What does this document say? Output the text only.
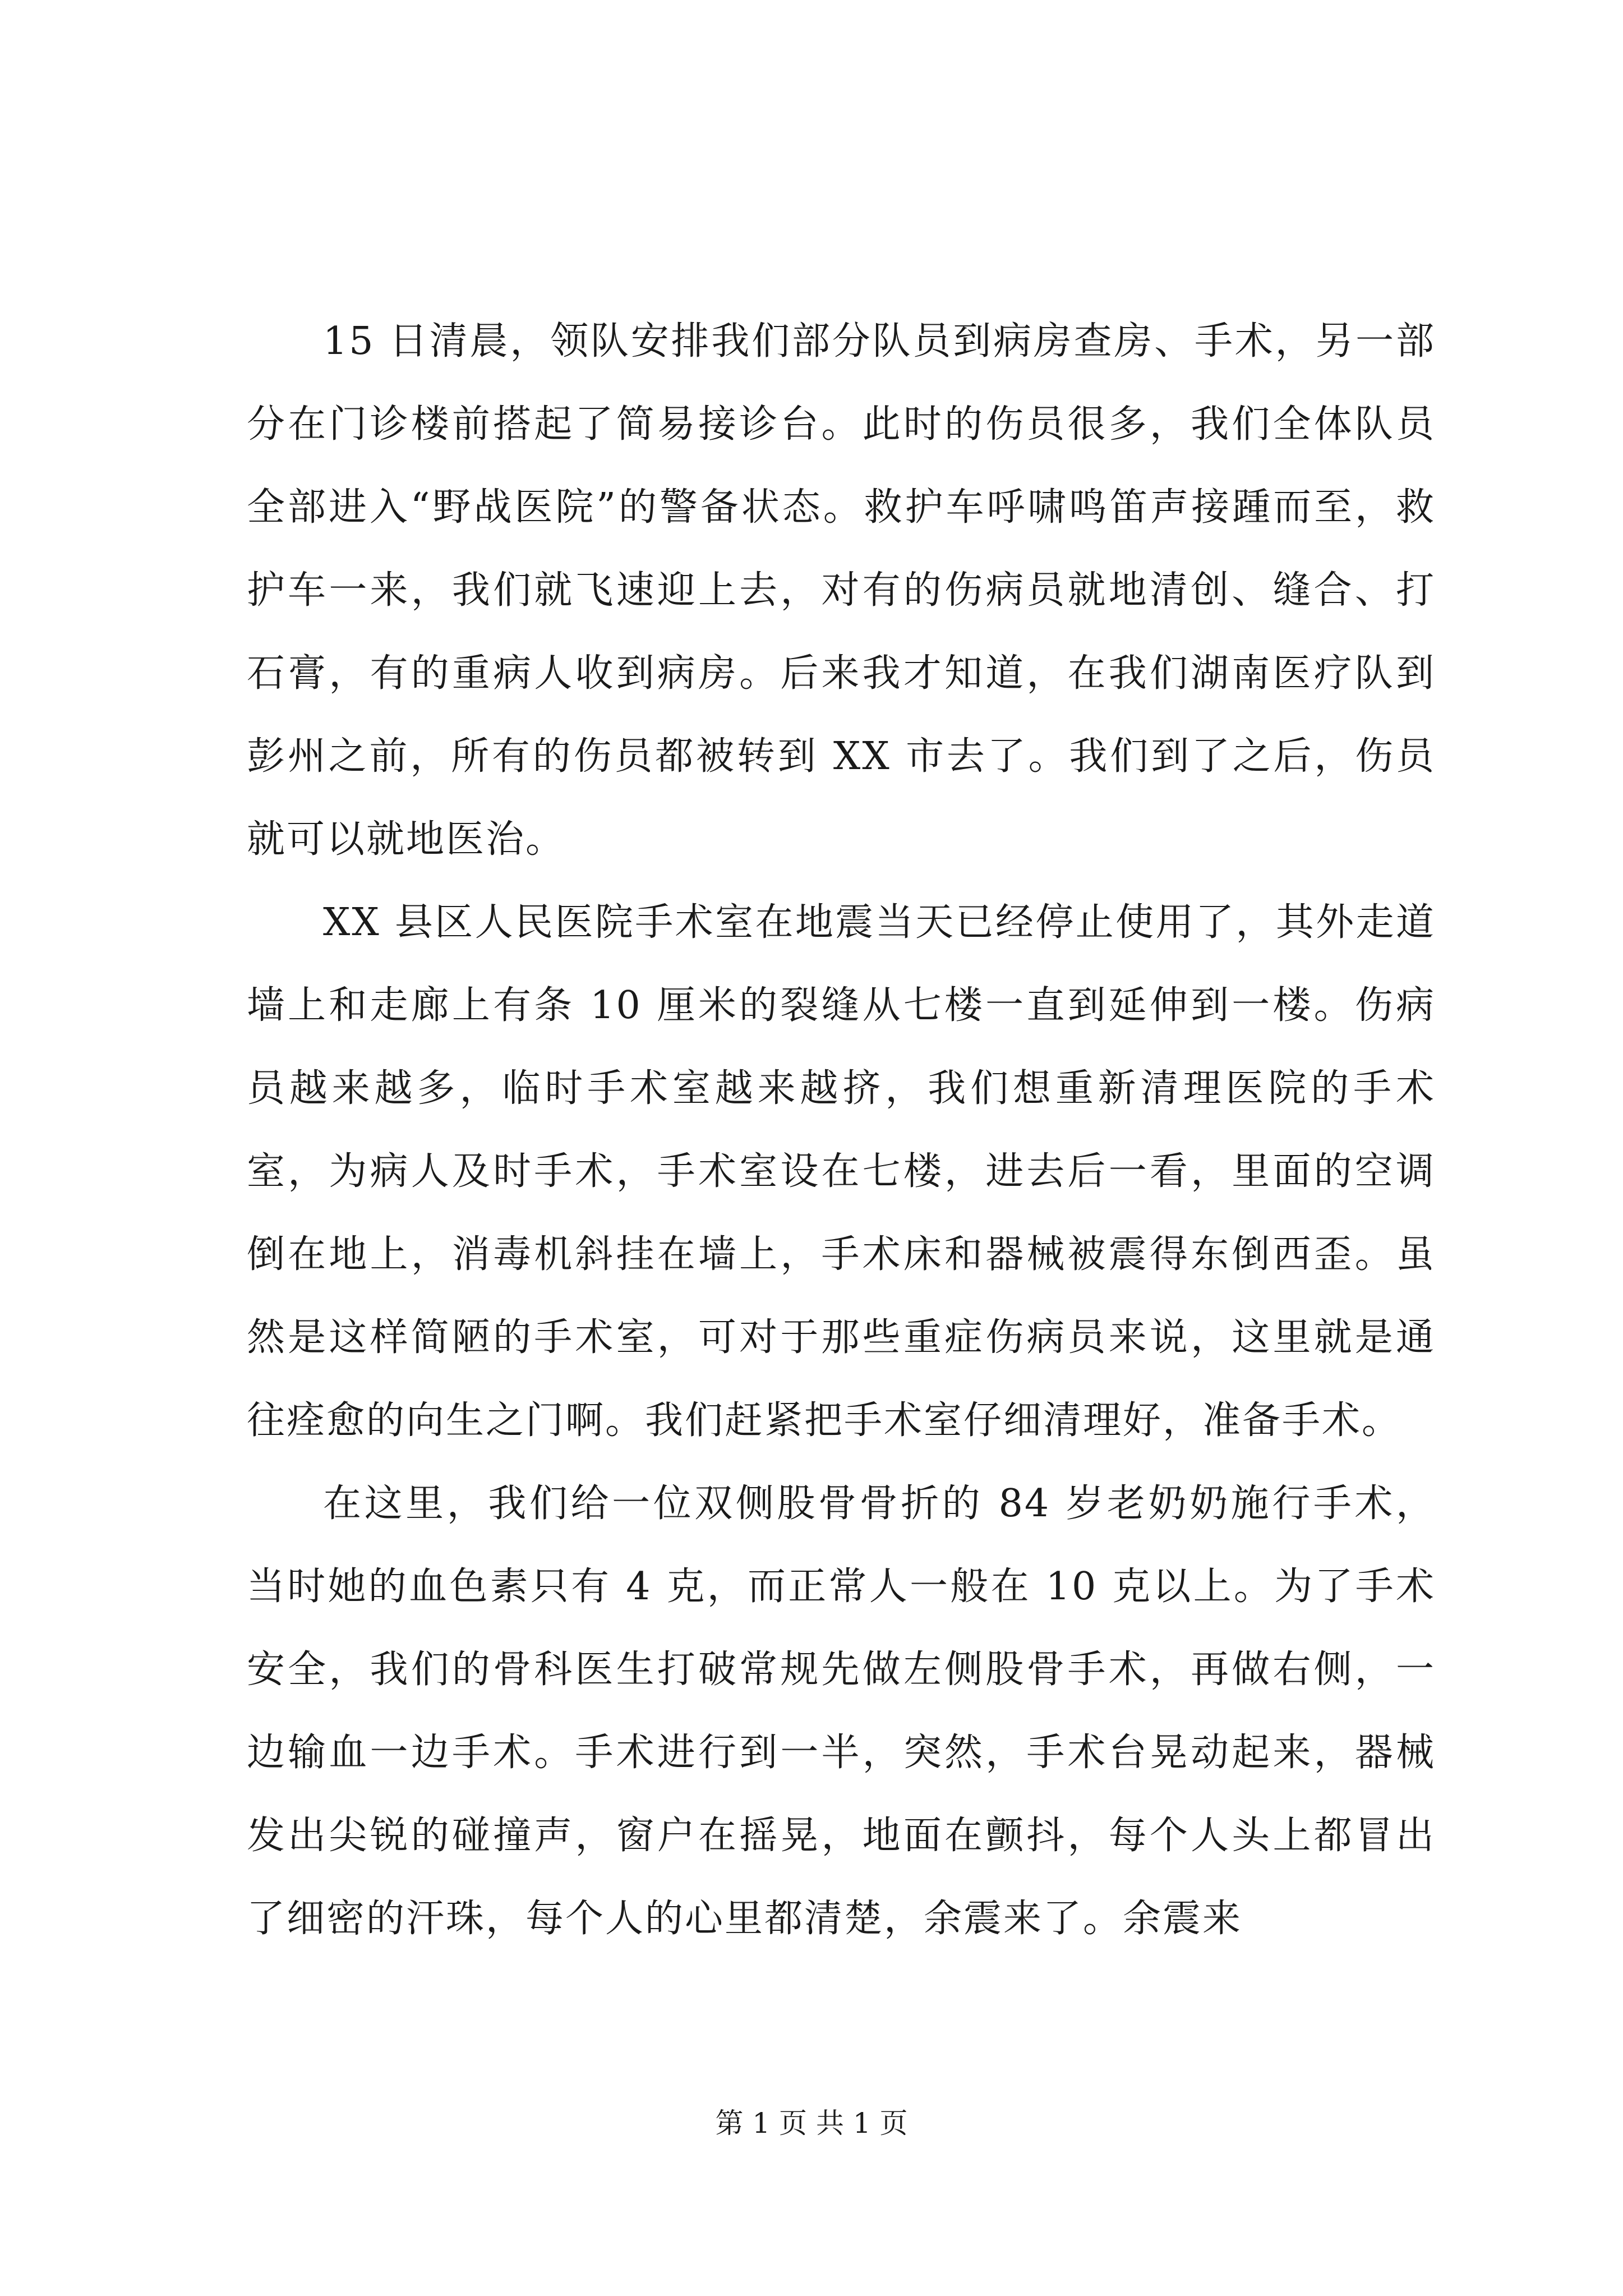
15 日清晨，领队安排我们部分队员到病房查房、手术，另一部分在门诊楼前搭起了简易接诊台。此时的伤员很多，我们全体队员全部进入“野战医院”的警备状态。救护车呼啸鸣笛声接踵而至，救护车一来，我们就飞速迎上去，对有的伤病员就地清创、缝合、打石膏，有的重病人收到病房。后来我才知道，在我们湖南医疗队到彭州之前，所有的伤员都被转到 XX 市去了。我们到了之后，伤员就可以就地医治。

XX 县区人民医院手术室在地震当天已经停止使用了，其外走道墙上和走廊上有条 10 厘米的裂缝从七楼一直到延伸到一楼。伤病员越来越多，临时手术室越来越挤，我们想重新清理医院的手术室，为病人及时手术，手术室设在七楼，进去后一看，里面的空调倒在地上，消毒机斜挂在墙上，手术床和器械被震得东倒西歪。虽然是这样简陋的手术室，可对于那些重症伤病员来说，这里就是通往痊愈的向生之门啊。我们赶紧把手术室仔细清理好，准备手术。

在这里，我们给一位双侧股骨骨折的 84 岁老奶奶施行手术，当时她的血色素只有 4 克，而正常人一般在 10 克以上。为了手术安全，我们的骨科医生打破常规先做左侧股骨手术，再做右侧，一边输血一边手术。手术进行到一半，突然，手术台晃动起来，器械发出尖锐的碰撞声，窗户在摇晃，地面在颤抖，每个人头上都冒出了细密的汗珠，每个人的心里都清楚，余震来了。余震来

第 1 页 共 1 页
